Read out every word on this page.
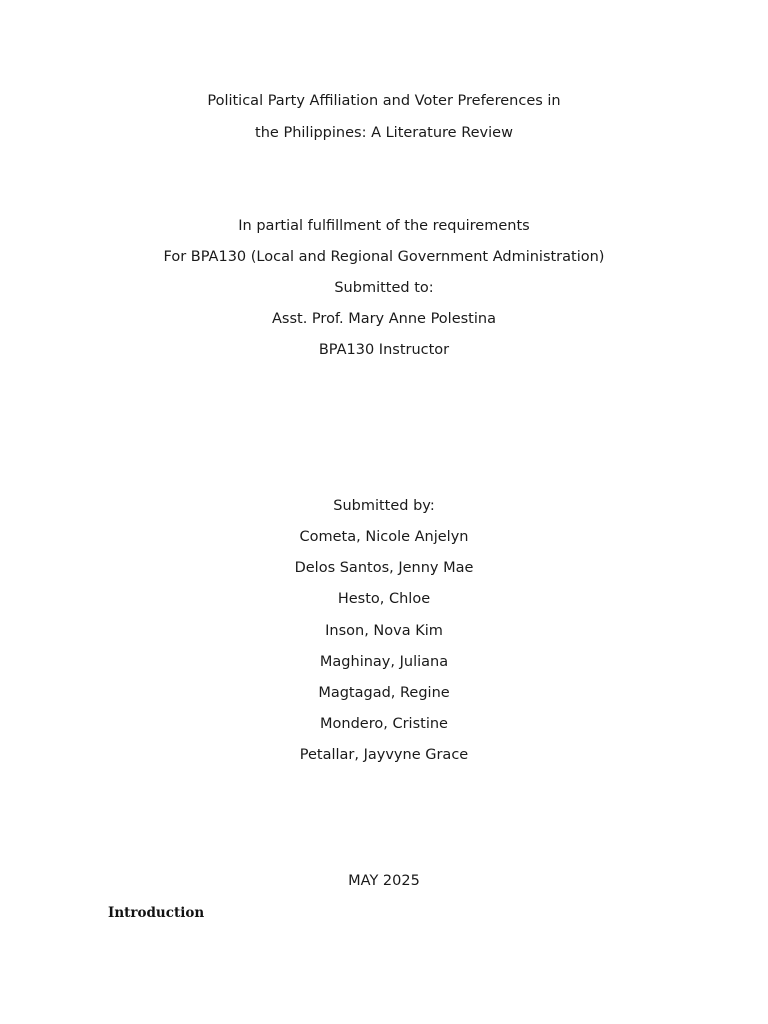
Political Party Affiliation and Voter Preferences in
the Philippines: A Literature Review
In partial fulfillment of the requirements
For BPA130 (Local and Regional Government Administration)
Submitted to:
Asst. Prof. Mary Anne Polestina
BPA130 Instructor
Submitted by:
Cometa, Nicole Anjelyn
Delos Santos, Jenny Mae
Hesto, Chloe
Inson, Nova Kim
Maghinay, Juliana
Magtagad, Regine
Mondero, Cristine
Petallar, Jayvyne Grace
MAY 2025
Introduction
